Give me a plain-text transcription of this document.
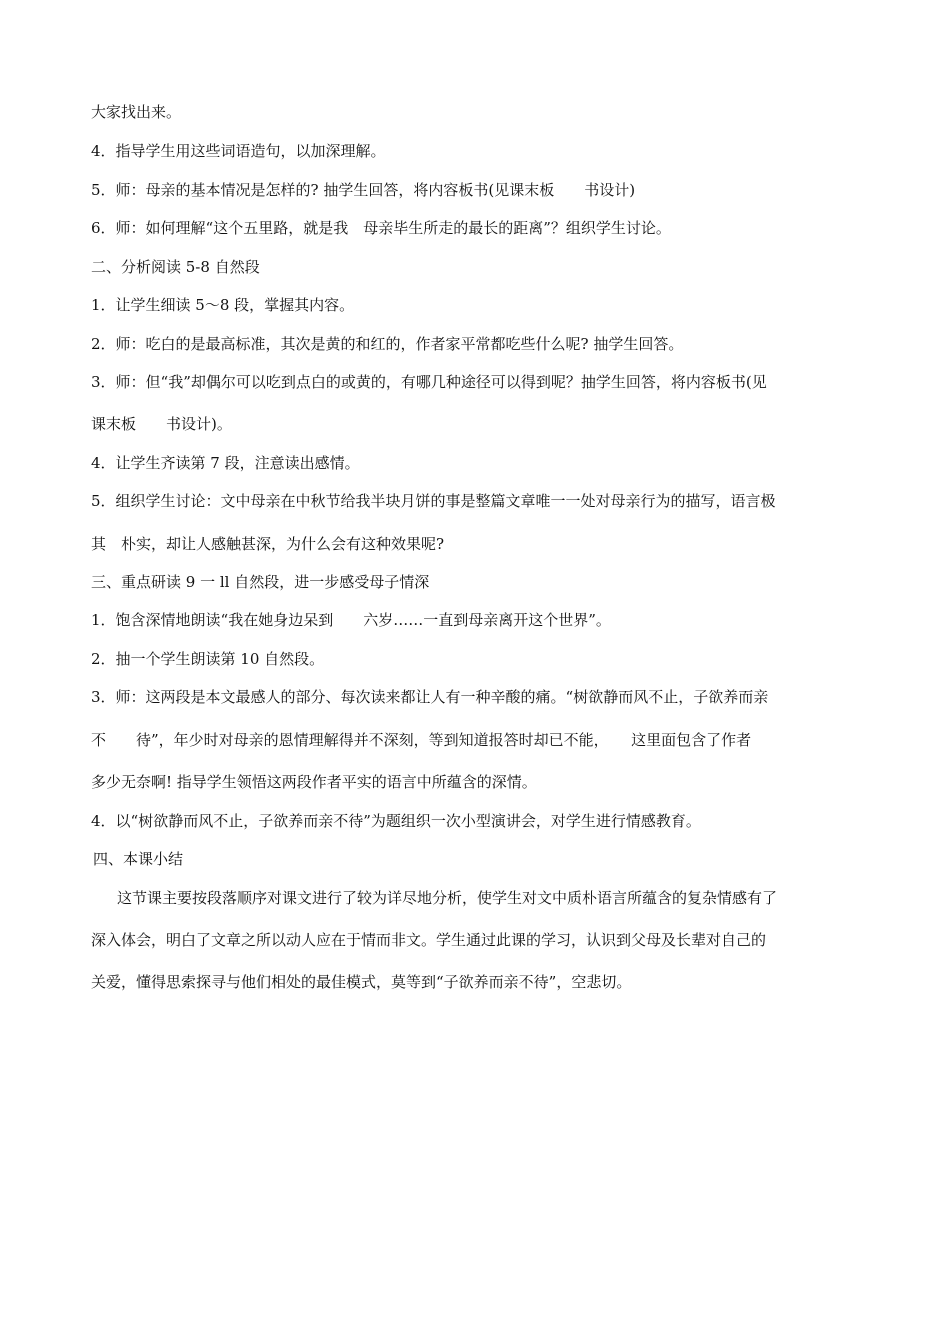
大家找出来。

4．指导学生用这些词语造句，以加深理解。

5．师：母亲的基本情况是怎样的? 抽学生回答，将内容板书(见课末板　　书设计)

6．师：如何理解“这个五里路，就是我　母亲毕生所走的最长的距离”？组织学生讨论。

二、分析阅读 5-8 自然段

1．让学生细读 5～8 段，掌握其内容。

2．师：吃白的是最高标准，其次是黄的和红的，作者家平常都吃些什么呢? 抽学生回答。

3．师：但“我”却偶尔可以吃到点白的或黄的，有哪几种途径可以得到呢？抽学生回答，将内容板书(见

课末板　　书设计)。

4．让学生齐读第 7 段，注意读出感情。

5．组织学生讨论：文中母亲在中秋节给我半块月饼的事是整篇文章唯一一处对母亲行为的描写，语言极

其　朴实，却让人感触甚深，为什么会有这种效果呢?

三、重点研读 9 一 ll 自然段，进一步感受母子情深

1．饱含深情地朗读“我在她身边呆到　　六岁……一直到母亲离开这个世界”。

2．抽一个学生朗读第 10 自然段。

3．师：这两段是本文最感人的部分、每次读来都让人有一种辛酸的痛。“树欲静而风不止，子欲养而亲

不　　待”，年少时对母亲的恩情理解得并不深刻，等到知道报答时却已不能，　　这里面包含了作者

多少无奈啊! 指导学生领悟这两段作者平实的语言中所蕴含的深情。

4．以“树欲静而风不止，子欲养而亲不待”为题组织一次小型演讲会，对学生进行情感教育。

四、本课小结

这节课主要按段落顺序对课文进行了较为详尽地分析，使学生对文中质朴语言所蕴含的复杂情感有了

深入体会，明白了文章之所以动人应在于情而非文。学生通过此课的学习，认识到父母及长辈对自己的

关爱，懂得思索探寻与他们相处的最佳模式，莫等到“子欲养而亲不待”，空悲切。
